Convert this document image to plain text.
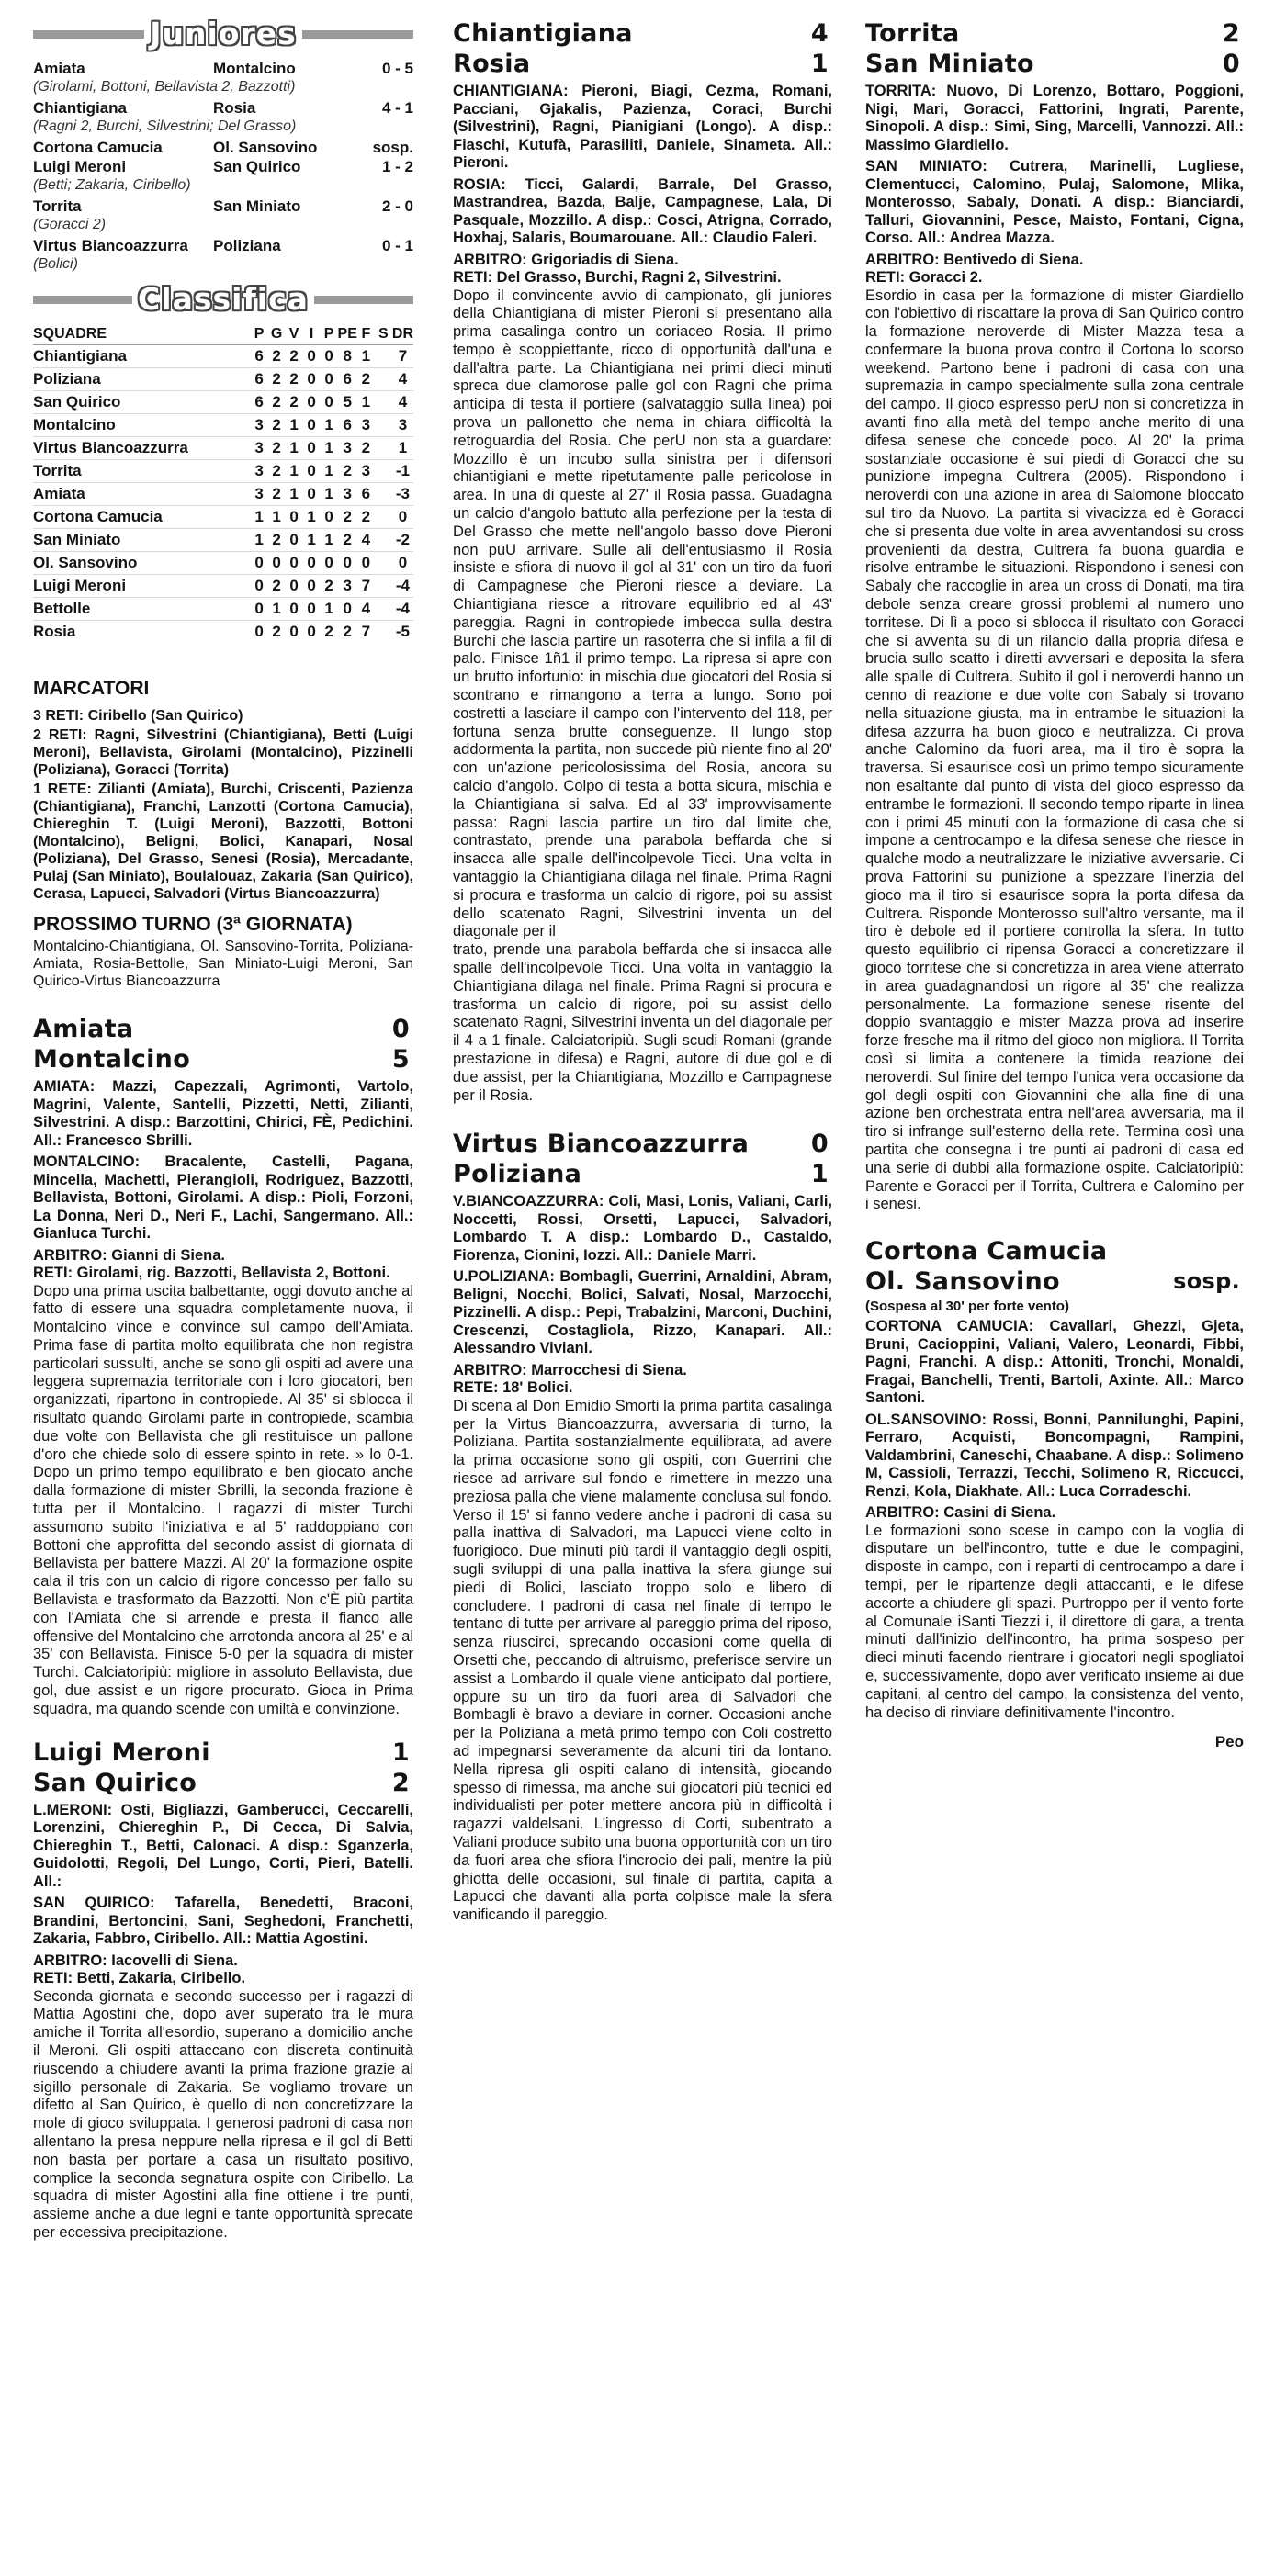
Juniores
Amiata	Montalcino	0 - 5
(Girolami, Bottoni, Bellavista 2, Bazzotti)
Chiantigiana	Rosia	4 - 1
(Ragni 2, Burchi, Silvestrini; Del Grasso)
Cortona Camucia	Ol. Sansovino	sosp.
Luigi Meroni	San Quirico	1 - 2
(Betti; Zakaria, Ciribello)
Torrita	San Miniato	2 - 0
(Goracci 2)
Virtus Biancoazzurra	Poliziana	0 - 1
(Bolici)
Classifica
SQUADRE	P	G	V	I	P	PE	F	S	DR
Chiantigiana	6	2	2	0	0	8	1		7
Poliziana	6	2	2	0	0	6	2		4
San Quirico	6	2	2	0	0	5	1		4
Montalcino	3	2	1	0	1	6	3		3
Virtus Biancoazzurra	3	2	1	0	1	3	2		1
Torrita	3	2	1	0	1	2	3		-1
Amiata	3	2	1	0	1	3	6		-3
Cortona Camucia	1	1	0	1	0	2	2		0
San Miniato	1	2	0	1	1	2	4		-2
Ol. Sansovino	0	0	0	0	0	0	0		0
Luigi Meroni	0	2	0	0	2	3	7		-4
Bettolle	0	1	0	0	1	0	4		-4
Rosia	0	2	0	0	2	2	7		-5
MARCATORI
3 RETI: Ciribello (San Quirico)
2 RETI: Ragni, Silvestrini (Chiantigiana), Betti (Luigi Meroni), Bellavista, Girolami (Montalcino), Pizzinelli (Poliziana), Goracci (Torrita)
1 RETE: Zilianti (Amiata), Burchi, Criscenti, Pazienza (Chiantigiana), Franchi, Lanzotti (Cortona Camucia), Chiereghin T. (Luigi Meroni), Bazzotti, Bottoni (Montalcino), Beligni, Bolici, Kanapari, Nosal (Poliziana), Del Grasso, Senesi (Rosia), Mercadante, Pulaj (San Miniato), Boulalouaz, Zakaria (San Quirico), Cerasa, Lapucci, Salvadori (Virtus Biancoazzurra)
PROSSIMO TURNO (3ª GIORNATA)
Montalcino-Chiantigiana, Ol. Sansovino-Torrita, Poliziana-Amiata, Rosia-Bettolle, San Miniato-Luigi Meroni, San Quirico-Virtus Biancoazzurra
Amiata	0
Montalcino	5
AMIATA: Mazzi, Capezzali, Agrimonti, Vartolo, Magrini, Valente, Santelli, Pizzetti, Netti, Zilianti, Silvestrini. A disp.: Barzottini, Chirici, FÈ, Pedichini. All.: Francesco Sbrilli.
MONTALCINO: Bracalente, Castelli, Pagana, Mincella, Machetti, Pierangioli, Rodriguez, Bazzotti, Bellavista, Bottoni, Girolami. A disp.: Pioli, Forzoni, La Donna, Neri D., Neri F., Lachi, Sangermano. All.: Gianluca Turchi.
ARBITRO: Gianni di Siena.
RETI: Girolami, rig. Bazzotti, Bellavista 2, Bottoni.
Dopo una prima uscita balbettante, oggi dovuto anche al fatto di essere una squadra completamente nuova, il Montalcino vince e convince sul campo dell'Amiata. Prima fase di partita molto equilibrata che non registra particolari sussulti, anche se sono gli ospiti ad avere una leggera supremazia territoriale con i loro giocatori, ben organizzati, ripartono in contropiede. Al 35' si sblocca il risultato quando Girolami parte in contropiede, scambia due volte con Bellavista che gli restituisce un pallone d'oro che chiede solo di essere spinto in rete. » lo 0-1. Dopo un primo tempo equilibrato e ben giocato anche dalla formazione di mister Sbrilli, la seconda frazione è tutta per il Montalcino. I ragazzi di mister Turchi assumono subito l'iniziativa e al 5' raddoppiano con Bottoni che approfitta del secondo assist di giornata di Bellavista per battere Mazzi. Al 20' la formazione ospite cala il tris con un calcio di rigore concesso per fallo su Bellavista e trasformato da Bazzotti. Non c'È più partita con l'Amiata che si arrende e presta il fianco alle offensive del Montalcino che arrotonda ancora al 25' e al 35' con Bellavista. Finisce 5-0 per la squadra di mister Turchi. Calciatoripiù: migliore in assoluto Bellavista, due gol, due assist e un rigore procurato. Gioca in Prima squadra, ma quando scende con umiltà e convinzione.
Luigi Meroni	1
San Quirico	2
L.MERONI: Osti, Bigliazzi, Gamberucci, Ceccarelli, Lorenzini, Chiereghin P., Di Cecca, Di Salvia, Chiereghin T., Betti, Calonaci. A disp.: Sganzerla, Guidolotti, Regoli, Del Lungo, Corti, Pieri, Batelli. All.:
SAN QUIRICO: Tafarella, Benedetti, Braconi, Brandini, Bertoncini, Sani, Seghedoni, Franchetti, Zakaria, Fabbro, Ciribello. All.: Mattia Agostini.
ARBITRO: Iacovelli di Siena.
RETI: Betti, Zakaria, Ciribello.
Seconda giornata e secondo successo per i ragazzi di Mattia Agostini che, dopo aver superato tra le mura amiche il Torrita all'esordio, superano a domicilio anche il Meroni. Gli ospiti attaccano con discreta continuità riuscendo a chiudere avanti la prima frazione grazie al sigillo personale di Zakaria. Se vogliamo trovare un difetto al San Quirico, è quello di non concretizzare la mole di gioco sviluppata. I generosi padroni di casa non allentano la presa neppure nella ripresa e il gol di Betti non basta per portare a casa un risultato positivo, complice la seconda segnatura ospite con Ciribello. La squadra di mister Agostini alla fine ottiene i tre punti, assieme anche a due legni e tante opportunità sprecate per eccessiva precipitazione.
Chiantigiana	4
Rosia	1
CHIANTIGIANA: Pieroni, Biagi, Cezma, Romani, Pacciani, Gjakalis, Pazienza, Coraci, Burchi (Silvestrini), Ragni, Pianigiani (Longo). A disp.: Fiaschi, Kutufà, Parasiliti, Daniele, Sinameta. All.: Pieroni.
ROSIA: Ticci, Galardi, Barrale, Del Grasso, Mastrandrea, Bazda, Balje, Campagnese, Lala, Di Pasquale, Mozzillo. A disp.: Cosci, Atrigna, Corrado, Hoxhaj, Salaris, Boumarouane. All.: Claudio Faleri.
ARBITRO: Grigoriadis di Siena.
RETI: Del Grasso, Burchi, Ragni 2, Silvestrini.
Dopo il convincente avvio di campionato, gli juniores della Chiantigiana di mister Pieroni si presentano alla prima casalinga contro un coriaceo Rosia. Il primo tempo è scoppiettante, ricco di opportunità dall'una e dall'altra parte. La Chiantigiana nei primi dieci minuti spreca due clamorose palle gol con Ragni che prima anticipa di testa il portiere (salvataggio sulla linea) poi prova un pallonetto che nema in chiara difficoltà la retroguardia del Rosia. Che perU non sta a guardare: Mozzillo è un incubo sulla sinistra per i difensori chiantigiani e mette ripetutamente palle pericolose in area. In una di queste al 27' il Rosia passa. Guadagna un calcio d'angolo battuto alla perfezione per la testa di Del Grasso che mette nell'angolo basso dove Pieroni non puU arrivare. Sulle ali dell'entusiasmo il Rosia insiste e sfiora di nuovo il gol al 31' con un tiro da fuori di Campagnese che Pieroni riesce a deviare. La Chiantigiana riesce a ritrovare equilibrio ed al 43' pareggia. Ragni in contropiede imbecca sulla destra Burchi che lascia partire un rasoterra che si infila a fil di palo. Finisce 1ñ1 il primo tempo. La ripresa si apre con un brutto infortunio: in mischia due giocatori del Rosia si scontrano e rimangono a terra a lungo. Sono poi costretti a lasciare il campo con l'intervento del 118, per fortuna senza brutte conseguenze. Il lungo stop addormenta la partita, non succede più niente fino al 20' con un'azione pericolosissima del Rosia, ancora su calcio d'angolo. Colpo di testa a botta sicura, mischia e la Chiantigiana si salva. Ed al 33' improvvisamente passa: Ragni lascia partire un tiro dal limite che, contrastato, prende una parabola beffarda che si insacca alle spalle dell'incolpevole Ticci. Una volta in vantaggio la Chiantigiana dilaga nel finale. Prima Ragni si procura e trasforma un calcio di rigore, poi su assist dello scatenato Ragni, Silvestrini inventa un del diagonale per il
trato, prende una parabola beffarda che si insacca alle spalle dell'incolpevole Ticci. Una volta in vantaggio la Chiantigiana dilaga nel finale. Prima Ragni si procura e trasforma un calcio di rigore, poi su assist dello scatenato Ragni, Silvestrini inventa un del diagonale per il 4 a 1 finale. Calciatoripiù. Sugli scudi Romani (grande prestazione in difesa) e Ragni, autore di due gol e di due assist, per la Chiantigiana, Mozzillo e Campagnese per il Rosia.
Virtus Biancoazzurra	0
Poliziana	1
V.BIANCOAZZURRA: Coli, Masi, Lonis, Valiani, Carli, Noccetti, Rossi, Orsetti, Lapucci, Salvadori, Lombardo T. A disp.: Lombardo D., Castaldo, Fiorenza, Cionini, Iozzi. All.: Daniele Marri.
U.POLIZIANA: Bombagli, Guerrini, Arnaldini, Abram, Beligni, Nocchi, Bolici, Salvati, Nosal, Marzocchi, Pizzinelli. A disp.: Pepi, Trabalzini, Marconi, Duchini, Crescenzi, Costagliola, Rizzo, Kanapari. All.: Alessandro Viviani.
ARBITRO: Marrocchesi di Siena.
RETE: 18' Bolici.
Di scena al Don Emidio Smorti la prima partita casalinga per la Virtus Biancoazzurra, avversaria di turno, la Poliziana. Partita sostanzialmente equilibrata, ad avere la prima occasione sono gli ospiti, con Guerrini che riesce ad arrivare sul fondo e rimettere in mezzo una preziosa palla che viene malamente conclusa sul fondo. Verso il 15' si fanno vedere anche i padroni di casa su palla inattiva di Salvadori, ma Lapucci viene colto in fuorigioco. Due minuti più tardi il vantaggio degli ospiti, sugli sviluppi di una palla inattiva la sfera giunge sui piedi di Bolici, lasciato troppo solo e libero di concludere. I padroni di casa nel finale di tempo le tentano di tutte per arrivare al pareggio prima del riposo, senza riuscirci, sprecando occasioni come quella di Orsetti che, peccando di altruismo, preferisce servire un assist a Lombardo il quale viene anticipato dal portiere, oppure su un tiro da fuori area di Salvadori che Bombagli è bravo a deviare in corner. Occasioni anche per la Poliziana a metà primo tempo con Coli costretto ad impegnarsi severamente da alcuni tiri da lontano. Nella ripresa gli ospiti calano di intensità, giocando spesso di rimessa, ma anche sui giocatori più tecnici ed individualisti per poter mettere ancora più in difficoltà i ragazzi valdelsani. L'ingresso di Corti, subentrato a Valiani produce subito una buona opportunità con un tiro da fuori area che sfiora l'incrocio dei pali, mentre la più ghiotta delle occasioni, sul finale di partita, capita a Lapucci che davanti alla porta colpisce male la sfera vanificando il pareggio.
Torrita	2
San Miniato	0
TORRITA: Nuovo, Di Lorenzo, Bottaro, Poggioni, Nigi, Mari, Goracci, Fattorini, Ingrati, Parente, Sinopoli. A disp.: Simi, Sing, Marcelli, Vannozzi. All.: Massimo Giardiello.
SAN MINIATO: Cutrera, Marinelli, Lugliese, Clementucci, Calomino, Pulaj, Salomone, Mlika, Monterosso, Sabaly, Donati. A disp.: Bianciardi, Talluri, Giovannini, Pesce, Maisto, Fontani, Cigna, Corso. All.: Andrea Mazza.
ARBITRO: Bentivedo di Siena.
RETI: Goracci 2.
Esordio in casa per la formazione di mister Giardiello con l'obiettivo di riscattare la prova di San Quirico contro la formazione neroverde di Mister Mazza tesa a confermare la buona prova contro il Cortona lo scorso weekend. Partono bene i padroni di casa con una supremazia in campo specialmente sulla zona centrale del campo. Il gioco espresso perU non si concretizza in avanti fino alla metà del tempo anche merito di una difesa senese che concede poco. Al 20' la prima sostanziale occasione è sui piedi di Goracci che su punizione impegna Cultrera (2005). Rispondono i neroverdi con una azione in area di Salomone bloccato sul tiro da Nuovo. La partita si vivacizza ed è Goracci che si presenta due volte in area avventandosi su cross provenienti da destra, Cultrera fa buona guardia e risolve entrambe le situazioni. Rispondono i senesi con Sabaly che raccoglie in area un cross di Donati, ma tira debole senza creare grossi problemi al numero uno torritese. Di lì a poco si sblocca il risultato con Goracci che si avventa su di un rilancio dalla propria difesa e brucia sullo scatto i diretti avversari e deposita la sfera alle spalle di Cultrera. Subito il gol i neroverdi hanno un cenno di reazione e due volte con Sabaly si trovano nella situazione giusta, ma in entrambe le situazioni la difesa azzurra ha buon gioco e neutralizza. Ci prova anche Calomino da fuori area, ma il tiro è sopra la traversa. Si esaurisce così un primo tempo sicuramente non esaltante dal punto di vista del gioco espresso da entrambe le formazioni. Il secondo tempo riparte in linea con i primi 45 minuti con la formazione di casa che si impone a centrocampo e la difesa senese che riesce in qualche modo a neutralizzare le iniziative avversarie. Ci prova Fattorini su punizione a spezzare l'inerzia del gioco ma il tiro si esaurisce sopra la porta difesa da Cultrera. Risponde Monterosso sull'altro versante, ma il tiro è debole ed il portiere controlla la sfera. In tutto questo equilibrio ci ripensa Goracci a concretizzare il gioco torritese che si concretizza in area viene atterrato in area guadagnandosi un rigore al 35' che realizza personalmente. La formazione senese risente del doppio svantaggio e mister Mazza prova ad inserire forze fresche ma il ritmo del gioco non migliora. Il Torrita così si limita a contenere la timida reazione dei neroverdi. Sul finire del tempo l'unica vera occasione da gol degli ospiti con Giovannini che alla fine di una azione ben orchestrata entra nell'area avversaria, ma il tiro si infrange sull'esterno della rete. Termina così una partita che consegna i tre punti ai padroni di casa ed una serie di dubbi alla formazione ospite. Calciatoripiù: Parente e Goracci per il Torrita, Cultrera e Calomino per i senesi.
Cortona Camucia
Ol. Sansovino	sosp.
(Sospesa al 30' per forte vento)
CORTONA CAMUCIA: Cavallari, Ghezzi, Gjeta, Bruni, Cacioppini, Valiani, Valero, Leonardi, Fibbi, Pagni, Franchi. A disp.: Attoniti, Tronchi, Monaldi, Fragai, Banchelli, Trenti, Bartoli, Axinte. All.: Marco Santoni.
OL.SANSOVINO: Rossi, Bonni, Pannilunghi, Papini, Ferraro, Acquisti, Boncompagni, Rampini, Valdambrini, Caneschi, Chaabane. A disp.: Solimeno M, Cassioli, Terrazzi, Tecchi, Solimeno R, Riccucci, Renzi, Kola, Diakhate. All.: Luca Corradeschi.
ARBITRO: Casini di Siena.
Le formazioni sono scese in campo con la voglia di disputare un bell'incontro, tutte e due le compagini, disposte in campo, con i reparti di centrocampo a dare i tempi, per le ripartenze degli attaccanti, e le difese accorte a chiudere gli spazi. Purtroppo per il vento forte al Comunale iSanti Tiezzi i, il direttore di gara, a trenta minuti dall'inizio dell'incontro, ha prima sospeso per dieci minuti facendo rientrare i giocatori negli spogliatoi e, successivamente, dopo aver verificato insieme ai due capitani, al centro del campo, la consistenza del vento, ha deciso di rinviare definitivamente l'incontro.
Peo
